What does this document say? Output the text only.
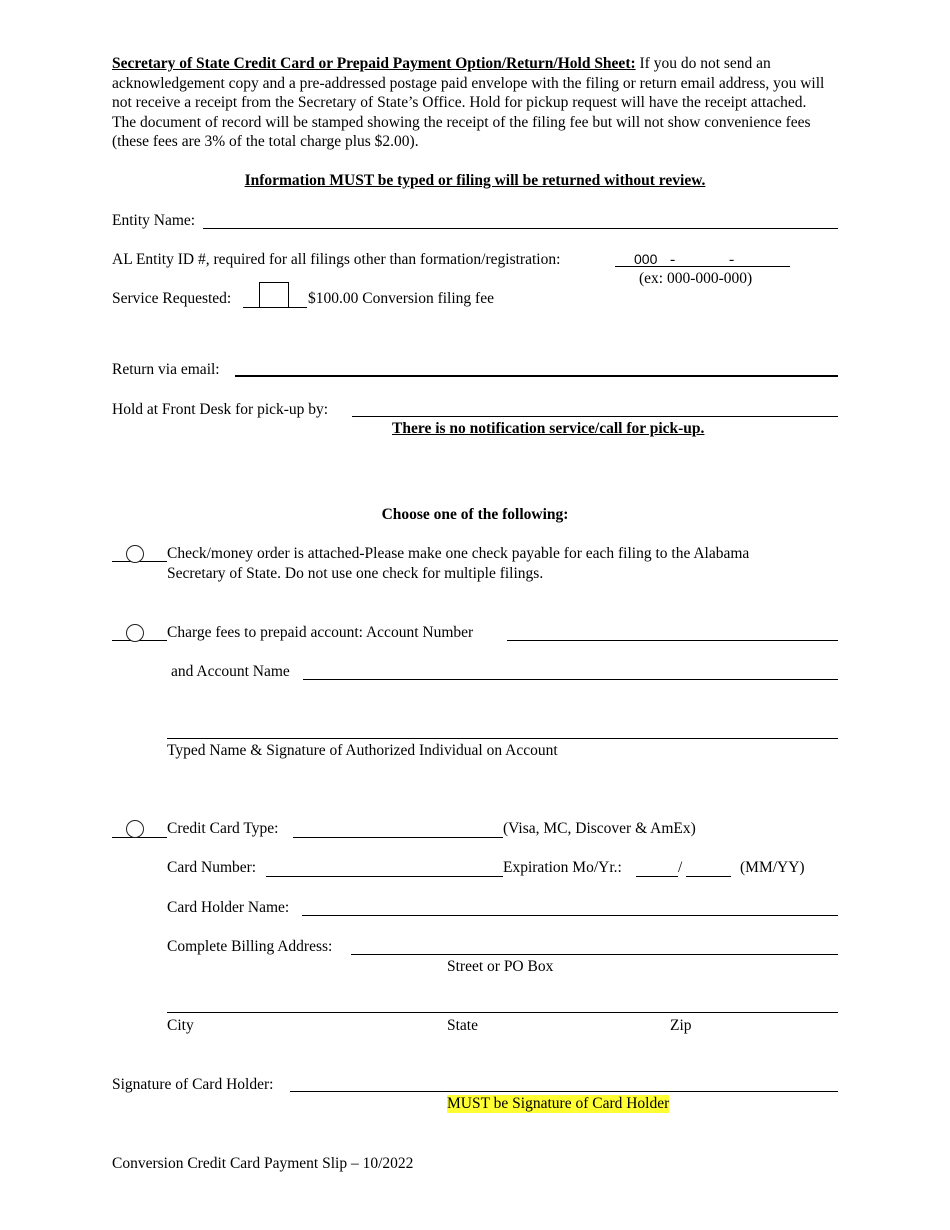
Secretary of State Credit Card or Prepaid Payment Option/Return/Hold Sheet: If you do not send an acknowledgement copy and a pre-addressed postage paid envelope with the filing or return email address, you will not receive a receipt from the Secretary of State’s Office. Hold for pickup request will have the receipt attached. The document of record will be stamped showing the receipt of the filing fee but will not show convenience fees (these fees are 3% of the total charge plus $2.00).
Information MUST be typed or filing will be returned without review.
Entity Name:
AL Entity ID #, required for all filings other than formation/registration:	000 -	-
(ex: 000-000-000)
Service Requested:	$100.00 Conversion filing fee
Return via email:
Hold at Front Desk for pick-up by:
There is no notification service/call for pick-up.
Choose one of the following:
Check/money order is attached-Please make one check payable for each filing to the Alabama
Secretary of State. Do not use one check for multiple filings.
Charge fees to prepaid account: Account Number
and Account Name
Typed Name & Signature of Authorized Individual on Account
Credit Card Type:	(Visa, MC, Discover & AmEx)
Card Number:	Expiration Mo/Yr.:	/	(MM/YY)
Card Holder Name:
Complete Billing Address:
Street or PO Box
City	State	Zip
Signature of Card Holder:
MUST be Signature of Card Holder
Conversion Credit Card Payment Slip – 10/2022
